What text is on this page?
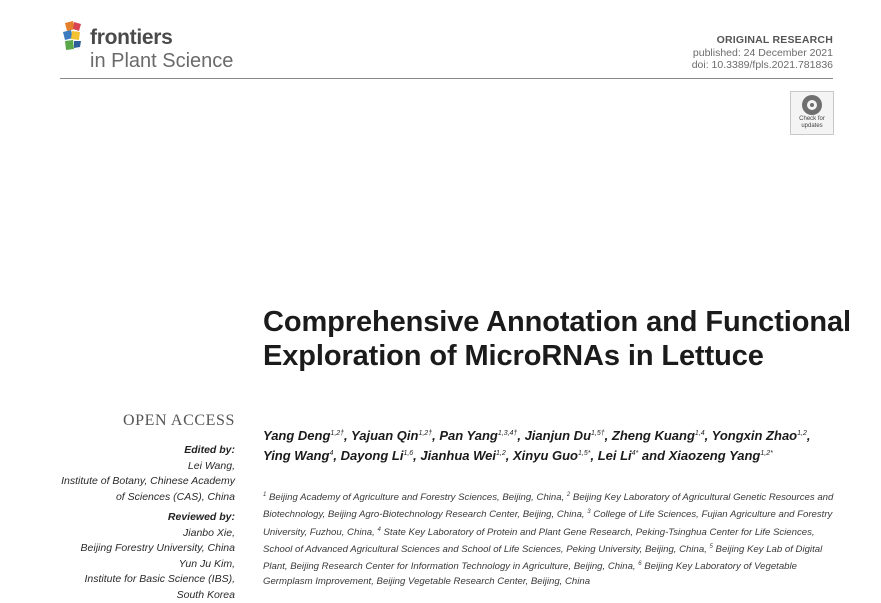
frontiers
in Plant Science
ORIGINAL RESEARCH
published: 24 December 2021
doi: 10.3389/fpls.2021.781836
Check for
updates
Comprehensive Annotation and Functional Exploration of MicroRNAs in Lettuce
OPEN ACCESS
Edited by:
Lei Wang,
Institute of Botany, Chinese Academy
of Sciences (CAS), China
Reviewed by:
Jianbo Xie,
Beijing Forestry University, China
Yun Ju Kim,
Institute for Basic Science (IBS),
South Korea
Yang Deng$^{1,2\dagger}$, Yajuan Qin$^{1,2\dagger}$, Pan Yang$^{1,3,4\dagger}$, Jianjun $Du^{1,5\dagger}$, Zheng Kuang$^{1,4}$, Yongxin Zhao$^{1,2}$, Ying Wang$^4$, Dayong Li$^{1,6}$, Jianhua Wei$^{1,2}$, Xinyu Guo$^{1,5*}$, Lei $Li^{4*}$ and Xiaozeng Yang$^{1,2*}$
$^1$ Beijing Academy of Agriculture and Forestry Sciences, Beijing, China, $^2$ Beijing Key Laboratory of Agricultural Genetic Resources and Biotechnology, Beijing Agro-Biotechnology Research Center, Beijing, China, $^3$ College of Life Sciences, Fujian Agriculture and Forestry University, Fuzhou, China, $^4$ State Key Laboratory of Protein and Plant Gene Research, Peking-Tsinghua Center for Life Sciences, School of Advanced Agricultural Sciences and School of Life Sciences, Peking University, Beijing, China, $^5$ Beijing Key Lab of Digital Plant, Beijing Research Center for Information Technology in Agriculture, Beijing, China, $^6$ Beijing Key Laboratory of Vegetable Germplasm Improvement, Beijing Vegetable Research Center, Beijing, China
